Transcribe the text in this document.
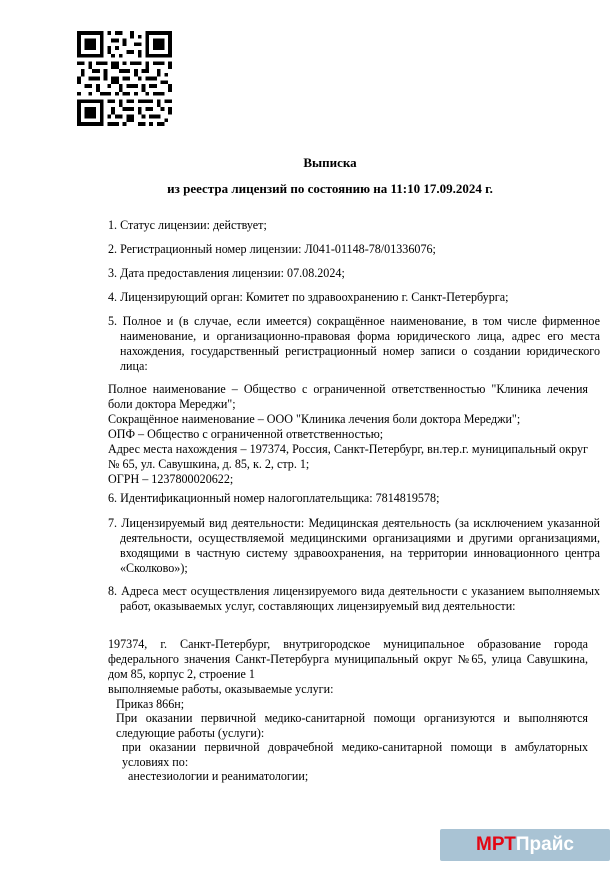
Выписка
из реестра лицензий по состоянию на 11:10 17.09.2024 г.
1. Статус лицензии: действует;
2. Регистрационный номер лицензии: Л041-01148-78/01336076;
3. Дата предоставления лицензии: 07.08.2024;
4. Лицензирующий орган: Комитет по здравоохранению г. Санкт-Петербурга;
5. Полное и (в случае, если имеется) сокращённое наименование, в том числе фирменное наименование, и организационно-правовая форма юридического лица, адрес его места нахождения, государственный регистрационный номер записи о создании юридического лица:
Полное наименование – Общество с ограниченной ответственностью "Клиника лечения боли доктора Мереджи";
Сокращённое наименование – ООО "Клиника лечения боли доктора Мереджи";
ОПФ – Общество с ограниченной ответственностью;
Адрес места нахождения – 197374, Россия, Санкт-Петербург, вн.тер.г. муниципальный округ № 65, ул. Савушкина, д. 85, к. 2, стр. 1;
ОГРН – 1237800020622;
6. Идентификационный номер налогоплательщика: 7814819578;
7. Лицензируемый вид деятельности: Медицинская деятельность (за исключением указанной деятельности, осуществляемой медицинскими организациями и другими организациями, входящими в частную систему здравоохранения, на территории инновационного центра «Сколково»);
8. Адреса мест осуществления лицензируемого вида деятельности с указанием выполняемых работ, оказываемых услуг, составляющих лицензируемый вид деятельности:
197374, г. Санкт-Петербург, внутригородское муниципальное образование города федерального значения Санкт-Петербурга муниципальный округ №65, улица Савушкина, дом 85, корпус 2, строение 1
выполняемые работы, оказываемые услуги:
Приказ 866н;
При оказании первичной медико-санитарной помощи организуются и выполняются следующие работы (услуги):
при оказании первичной доврачебной медико-санитарной помощи в амбулаторных условиях по:
анестезиологии и реаниматологии;
МРТПрайс
